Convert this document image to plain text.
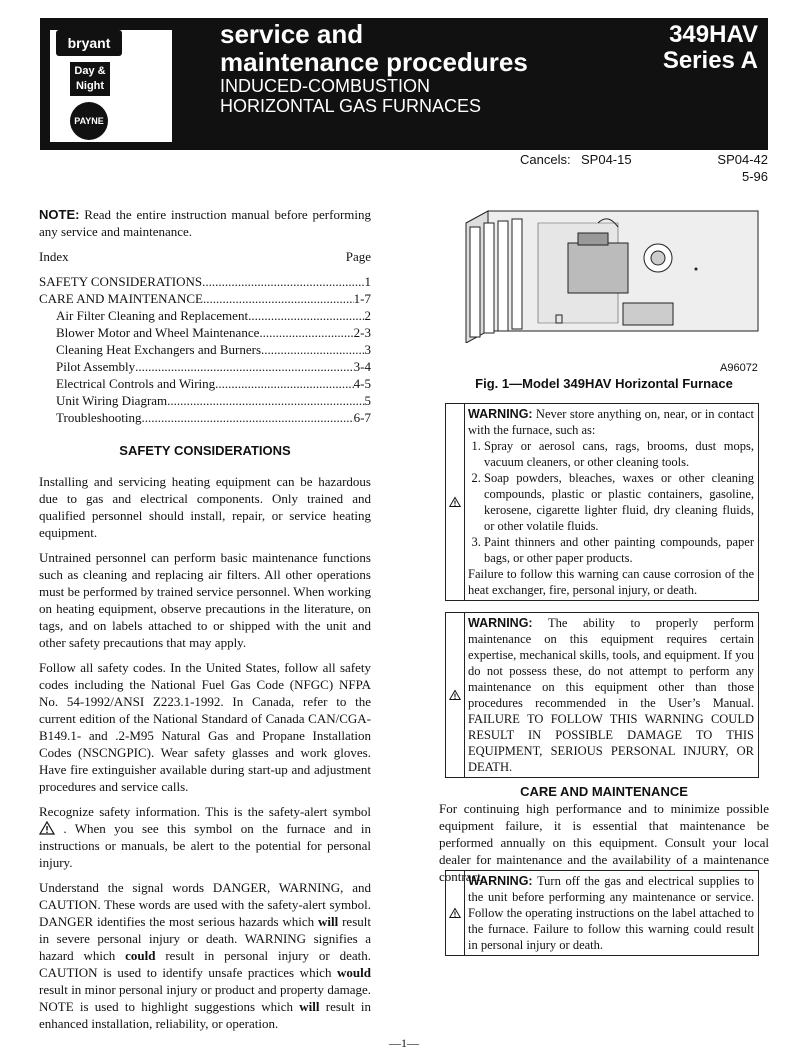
bryant
Day & Night
PAYNE
service and
maintenance procedures
INDUCED-COMBUSTION
HORIZONTAL GAS FURNACES
349HAV
Series A
Cancels: SP04-15	SP04-42
5-96

NOTE: Read the entire instruction manual before performing any service and maintenance.

Index	Page
SAFETY CONSIDERATIONS .....	1
CARE AND MAINTENANCE .....	1-7
Air Filter Cleaning and Replacement .....	2
Blower Motor and Wheel Maintenance .....	2-3
Cleaning Heat Exchangers and Burners .....	3
Pilot Assembly .....	3-4
Electrical Controls and Wiring .....	4-5
Unit Wiring Diagram .....	5
Troubleshooting .....	6-7
SAFETY CONSIDERATIONS

Installing and servicing heating equipment can be hazardous due to gas and electrical components. Only trained and qualified personnel should install, repair, or service heating equipment.

Untrained personnel can perform basic maintenance functions such as cleaning and replacing air filters. All other operations must be performed by trained service personnel. When working on heating equipment, observe precautions in the literature, on tags, and on labels attached to or shipped with the unit and other safety precautions that may apply.

Follow all safety codes. In the United States, follow all safety codes including the National Fuel Gas Code (NFGC) NFPA No. 54-1992/ANSI Z223.1-1992. In Canada, refer to the current edition of the National Standard of Canada CAN/CGA-B149.1- and .2-M95 Natural Gas and Propane Installation Codes (NSCNGPIC). Wear safety glasses and work gloves. Have fire extinguisher available during start-up and adjustment procedures and service calls.

Recognize safety information. This is the safety-alert symbol  . When you see this symbol on the furnace and in instructions or manuals, be alert to the potential for personal injury.

Understand the signal words DANGER, WARNING, and CAUTION. These words are used with the safety-alert symbol. DANGER identifies the most serious hazards which will result in severe personal injury or death. WARNING signifies a hazard which could result in personal injury or death. CAUTION is used to identify unsafe practices which would result in minor personal injury or product and property damage. NOTE is used to highlight suggestions which will result in enhanced installation, reliability, or operation.

A96072
Fig. 1—Model 349HAV Horizontal Furnace
WARNING: Never store anything on, near, or in contact with the furnace, such as:
1. Spray or aerosol cans, rags, brooms, dust mops, vacuum cleaners, or other cleaning tools.
2. Soap powders, bleaches, waxes or other cleaning compounds, plastic or plastic containers, gasoline, kerosene, cigarette lighter fluid, dry cleaning fluids, or other volatile fluids.
3. Paint thinners and other painting compounds, paper bags, or other paper products.
Failure to follow this warning can cause corrosion of the heat exchanger, fire, personal injury, or death.
WARNING: The ability to properly perform maintenance on this equipment requires certain expertise, mechanical skills, tools, and equipment. If you do not possess these, do not attempt to perform any maintenance on this equipment other than those procedures recommended in the User’s Manual. FAILURE TO FOLLOW THIS WARNING COULD RESULT IN POSSIBLE DAMAGE TO THIS EQUIPMENT, SERIOUS PERSONAL INJURY, OR DEATH.
CARE AND MAINTENANCE
For continuing high performance and to minimize possible equipment failure, it is essential that maintenance be performed annually on this equipment. Consult your local dealer for maintenance and the availability of a maintenance contract.
WARNING: Turn off the gas and electrical supplies to the unit before performing any maintenance or service. Follow the operating instructions on the label attached to the furnace. Failure to follow this warning could result in personal injury or death.
—1—
